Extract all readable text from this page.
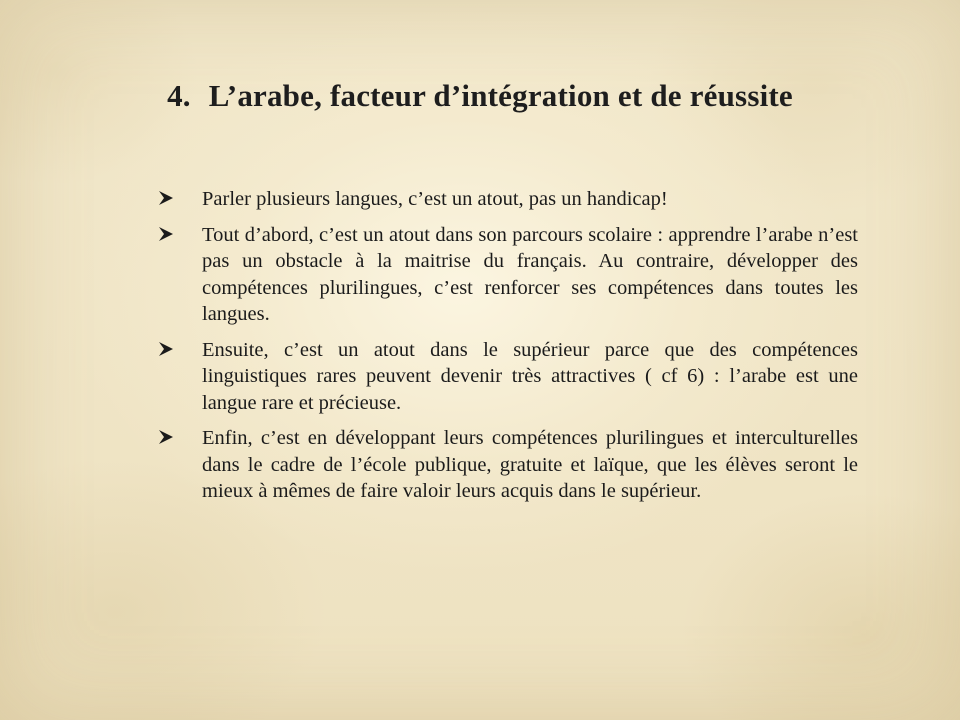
4. L’arabe, facteur d’intégration et de réussite
Parler plusieurs langues, c’est un atout, pas un handicap!
Tout d’abord, c’est un atout dans son parcours scolaire : apprendre l’arabe n’est pas un obstacle à la maitrise du français. Au contraire, développer des compétences plurilingues, c’est renforcer ses compétences dans toutes les langues.
Ensuite, c’est un atout dans le supérieur parce que des compétences linguistiques rares peuvent devenir très attractives ( cf 6) : l’arabe est une langue rare et précieuse.
Enfin, c’est en développant leurs compétences plurilingues et interculturelles dans le cadre de l’école publique, gratuite et laïque, que les élèves seront le mieux à mêmes de faire valoir leurs acquis dans le supérieur.
